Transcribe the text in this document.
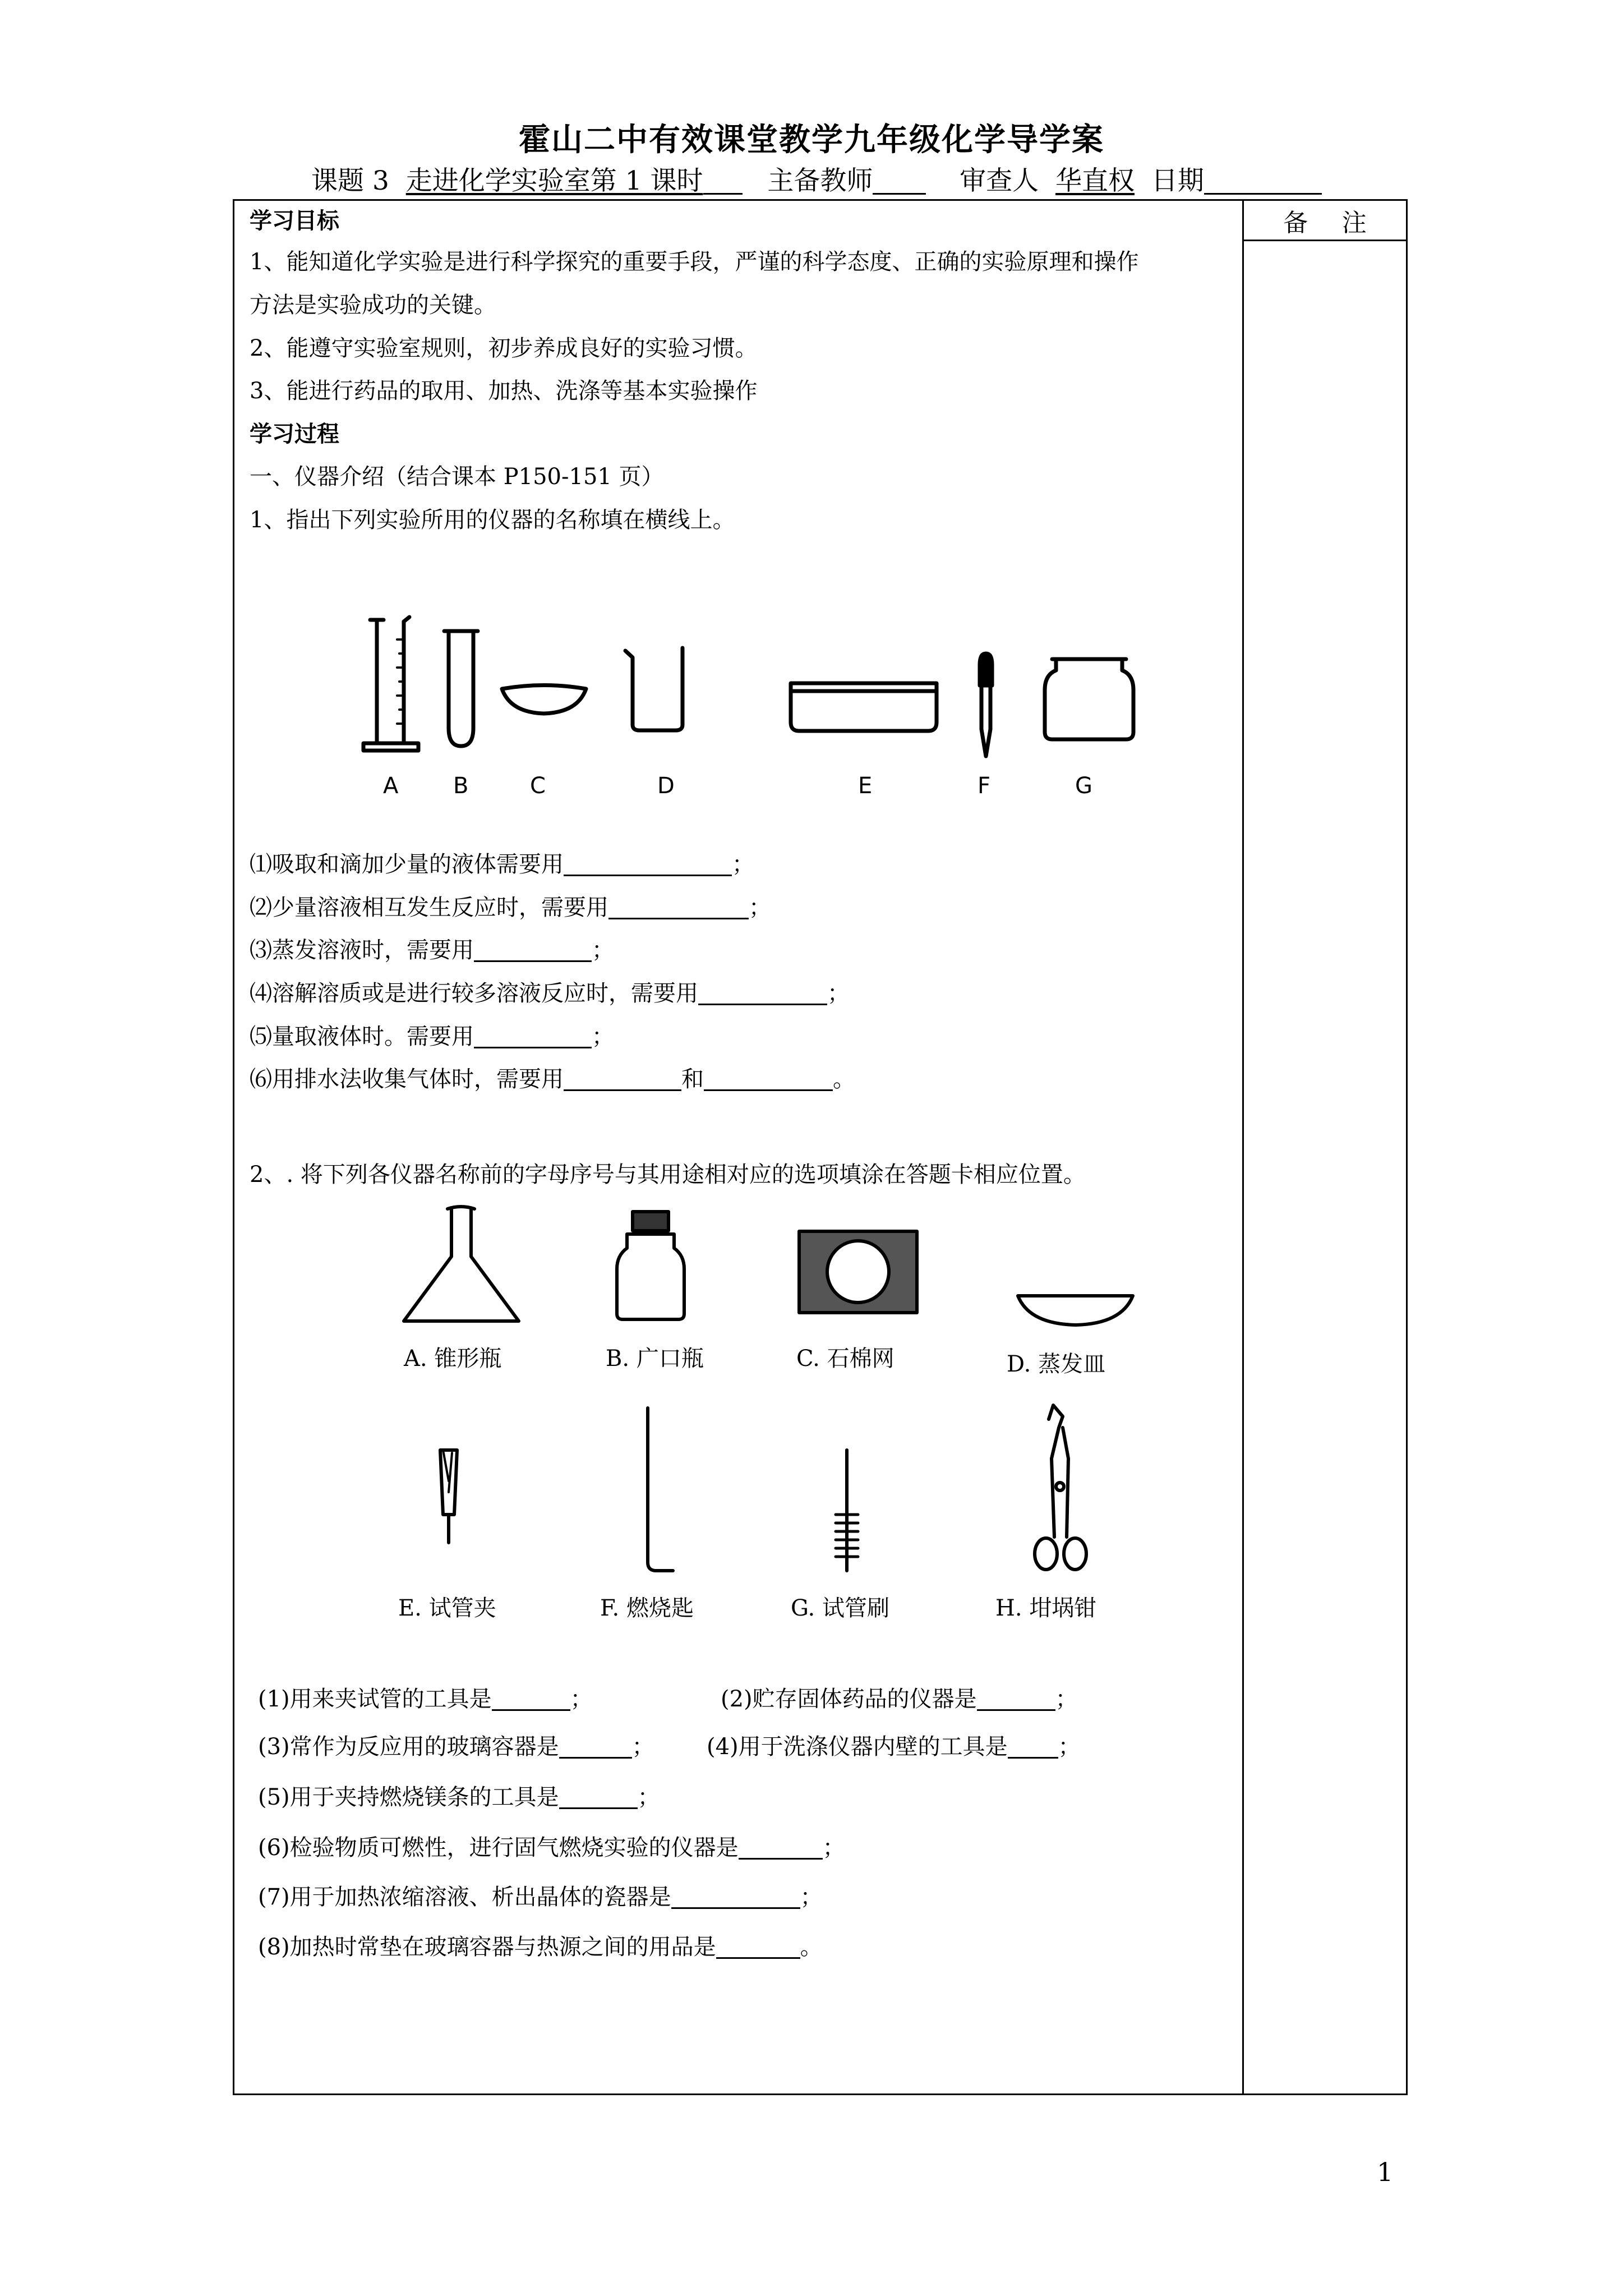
霍山二中有效课堂教学九年级化学导学案
课题 3 走进化学实验室第 1 课时 主备教师	审查人 华直权 日期
备 注
学习目标
1、能知道化学实验是进行科学探究的重要手段，严谨的科学态度、正确的实验原理和操作
方法是实验成功的关键。
2、能遵守实验室规则，初步养成良好的实验习惯。
3、能进行药品的取用、加热、洗涤等基本实验操作
学习过程
一、仪器介绍（结合课本 P150-151 页）
1、指出下列实验所用的仪器的名称填在横线上。
A B	C	D	E	F	G
⑴吸取和滴加少量的液体需要用	；
⑵少量溶液相互发生反应时，需要用	；
⑶蒸发溶液时，需要用	；
⑷溶解溶质或是进行较多溶液反应时，需要用	；
⑸量取液体时。需要用	；
⑹用排水法收集气体时，需要用	和	。
2、. 将下列各仪器名称前的字母序号与其用途相对应的选项填涂在答题卡相应位置。
A. 锥形瓶	B. 广口瓶	C. 石棉网	D. 蒸发皿
E. 试管夹	F. 燃烧匙	G. 试管刷	H. 坩埚钳
(1)用来夹试管的工具是	；	(2)贮存固体药品的仪器是	；
(3)常作为反应用的玻璃容器是	； (4)用于洗涤仪器内壁的工具是 ；
(5)用于夹持燃烧镁条的工具是	；
(6)检验物质可燃性，进行固气燃烧实验的仪器是	；
(7)用于加热浓缩溶液、析出晶体的瓷器是	；
(8)加热时常垫在玻璃容器与热源之间的用品是	。
1
